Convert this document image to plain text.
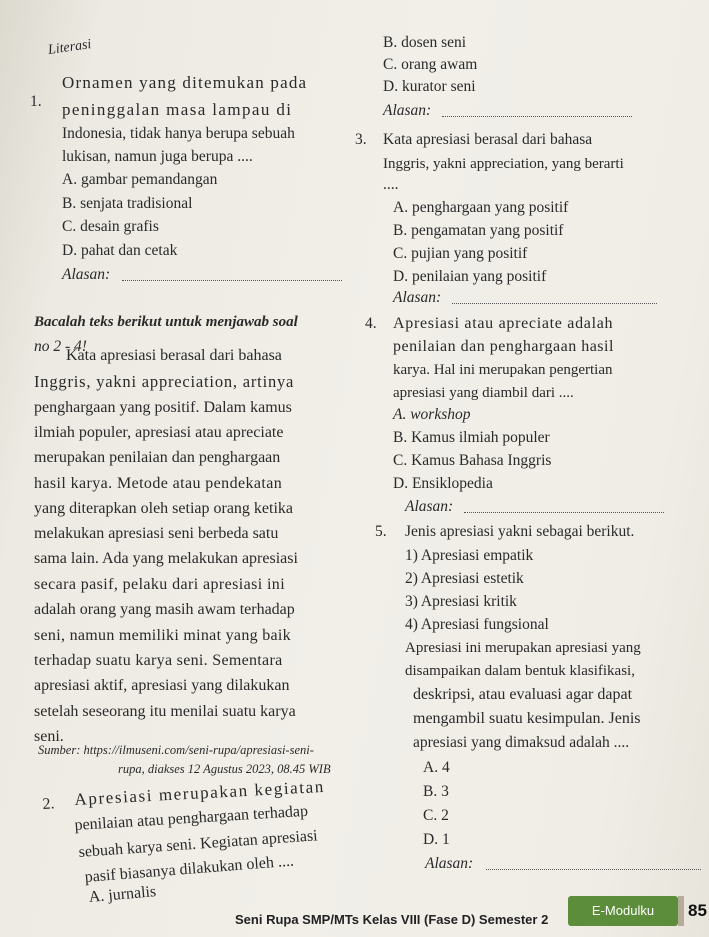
Literasi
1.
Ornamen yang ditemukan pada
peninggalan masa lampau di
Indonesia, tidak hanya berupa sebuah
lukisan, namun juga berupa ....
A. gambar pemandangan
B. senjata tradisional
C. desain grafis
D. pahat dan cetak
Alasan:
Bacalah teks berikut untuk menjawab soal
no 2 - 4!
Kata apresiasi berasal dari bahasa
Inggris, yakni appreciation, artinya
penghargaan yang positif. Dalam kamus
ilmiah populer, apresiasi atau apreciate
merupakan penilaian dan penghargaan
hasil karya. Metode atau pendekatan
yang diterapkan oleh setiap orang ketika
melakukan apresiasi seni berbeda satu
sama lain. Ada yang melakukan apresiasi
secara pasif, pelaku dari apresiasi ini
adalah orang yang masih awam terhadap
seni, namun memiliki minat yang baik
terhadap suatu karya seni. Sementara
apresiasi aktif, apresiasi yang dilakukan
setelah seseorang itu menilai suatu karya
seni.
Sumber: https://ilmuseni.com/seni-rupa/apresiasi-seni-
rupa, diakses 12 Agustus 2023, 08.45 WIB
2. Apresiasi merupakan kegiatan
penilaian atau penghargaan terhadap
sebuah karya seni. Kegiatan apresiasi
pasif biasanya dilakukan oleh ....
A. jurnalis
B. dosen seni
C. orang awam
D. kurator seni
Alasan:
3. Kata apresiasi berasal dari bahasa
Inggris, yakni appreciation, yang berarti
....
A. penghargaan yang positif
B. pengamatan yang positif
C. pujian yang positif
D. penilaian yang positif
Alasan:
4. Apresiasi atau apreciate adalah
penilaian dan penghargaan hasil
karya. Hal ini merupakan pengertian
apresiasi yang diambil dari ....
A. workshop
B. Kamus ilmiah populer
C. Kamus Bahasa Inggris
D. Ensiklopedia
Alasan:
5. Jenis apresiasi yakni sebagai berikut.
1) Apresiasi empatik
2) Apresiasi estetik
3) Apresiasi kritik
4) Apresiasi fungsional
Apresiasi ini merupakan apresiasi yang
disampaikan dalam bentuk klasifikasi,
deskripsi, atau evaluasi agar dapat
mengambil suatu kesimpulan. Jenis
apresiasi yang dimaksud adalah ....
A. 4
B. 3
C. 2
D. 1
Alasan:
Seni Rupa SMP/MTs Kelas VIII (Fase D) Semester 2
E-Modulku	85
